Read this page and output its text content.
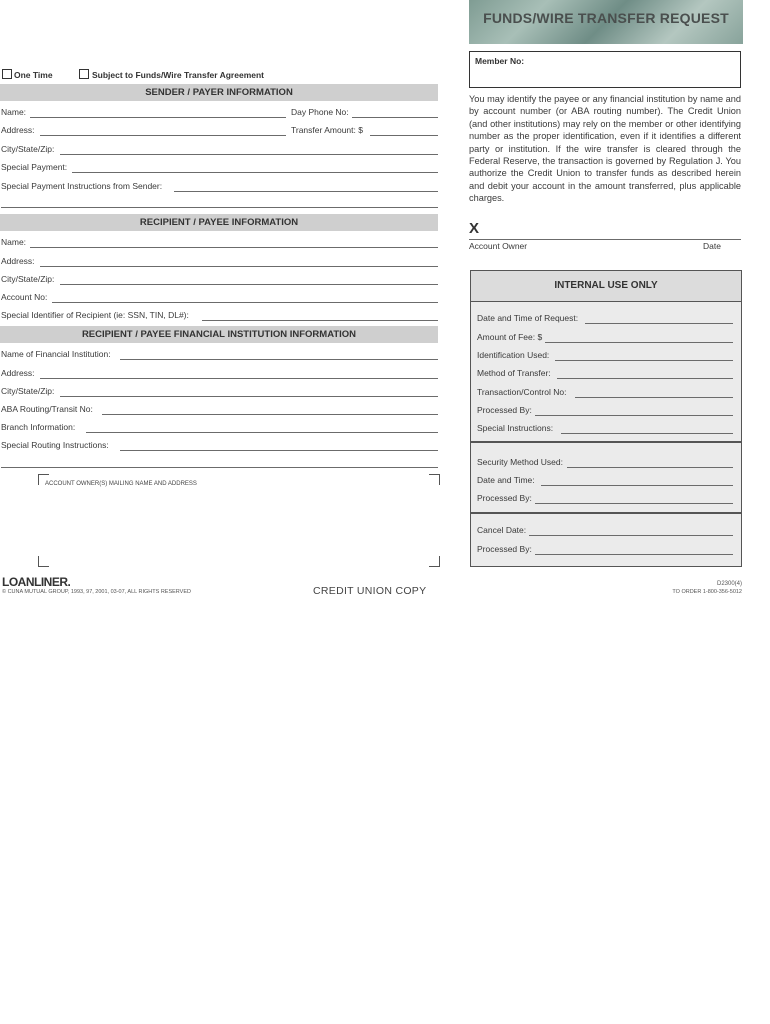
FUNDS/WIRE TRANSFER REQUEST
One Time	Subject to Funds/Wire Transfer Agreement
SENDER / PAYER INFORMATION
Name:	Day Phone No:
Address:	Transfer Amount: $
City/State/Zip:
Special Payment:
Special Payment Instructions from Sender:
RECIPIENT / PAYEE INFORMATION
Name:
Address:
City/State/Zip:
Account No:
Special Identifier of Recipient (ie: SSN, TIN, DL#):
RECIPIENT / PAYEE FINANCIAL INSTITUTION INFORMATION
Name of Financial Institution:
Address:
City/State/Zip:
ABA Routing/Transit No:
Branch Information:
Special Routing Instructions:
ACCOUNT OWNER(S) MAILING NAME AND ADDRESS
LOANLINER.
© CUNA MUTUAL GROUP, 1993, 97, 2001, 03-07, ALL RIGHTS RESERVED	CREDIT UNION COPY
D2300(4)
TO ORDER 1-800-356-5012
Member No:
You may identify the payee or any financial institution by name and by account number (or ABA routing number). The Credit Union (and other institutions) may rely on the member or other identifying number as the proper identification, even if it identifies a different party or institution. If the wire transfer is cleared through the Federal Reserve, the transaction is governed by Regulation J. You authorize the Credit Union to transfer funds as described herein and debit your account in the amount transferred, plus applicable charges.
X
Account Owner	Date
INTERNAL USE ONLY
Date and Time of Request:
Amount of Fee: $
Identification Used:
Method of Transfer:
Transaction/Control No:
Processed By:
Special Instructions:
Security Method Used:
Date and Time:
Processed By:
Cancel Date:
Processed By:
